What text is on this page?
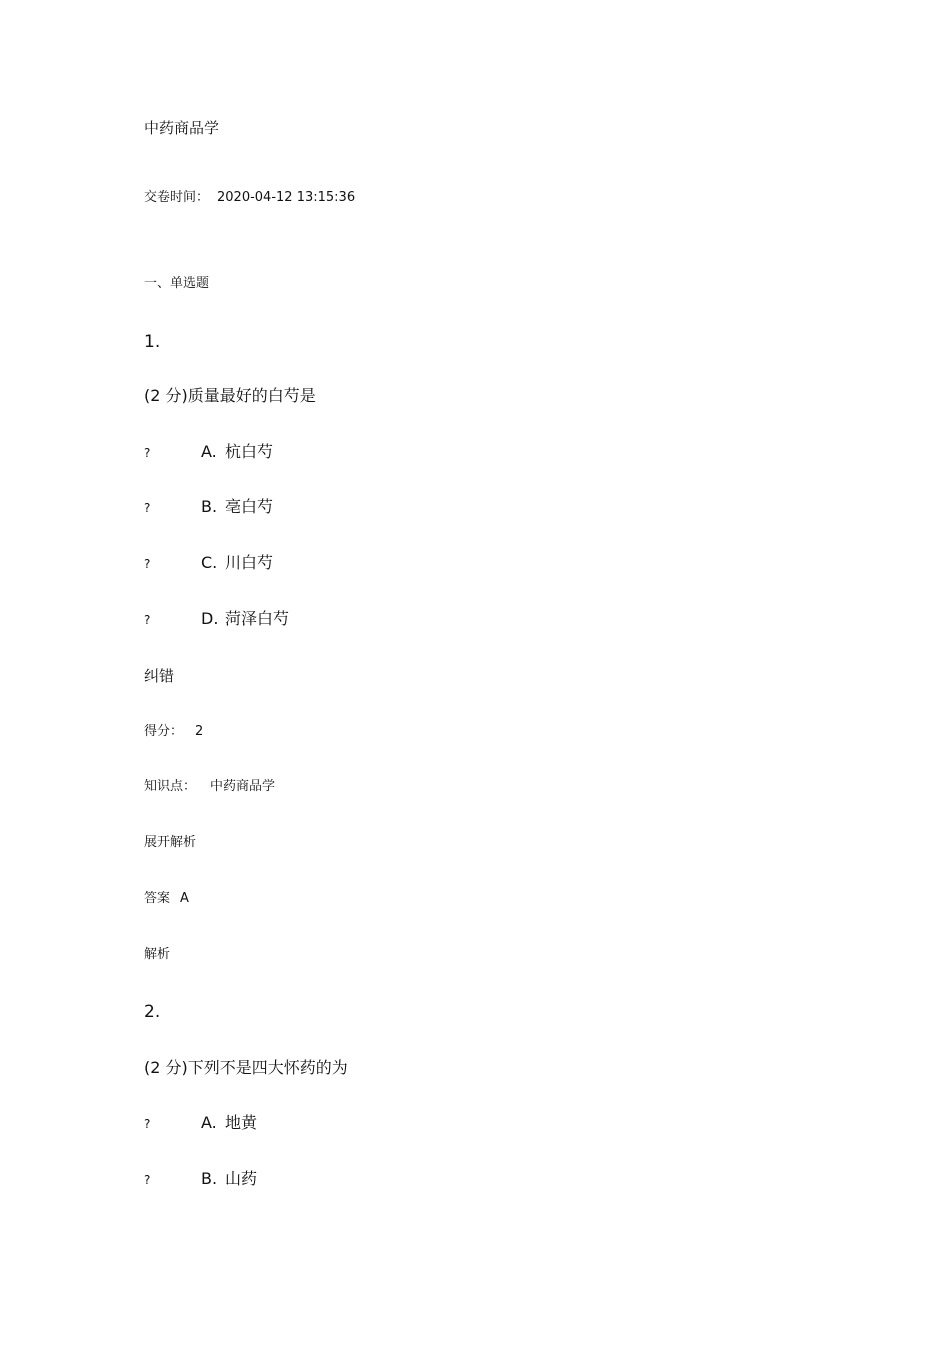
中药商品学
交卷时间： 2020-04-12 13:15:36
一、单选题
1.
(2 分)质量最好的白芍是
?	A. 杭白芍
?	B. 亳白芍
?	C. 川白芍
?	D. 菏泽白芍
纠错
得分： 2
知识点： 中药商品学
展开解析
答案 A
解析
2.
(2 分)下列不是四大怀药的为
?	A. 地黄
?	B. 山药
